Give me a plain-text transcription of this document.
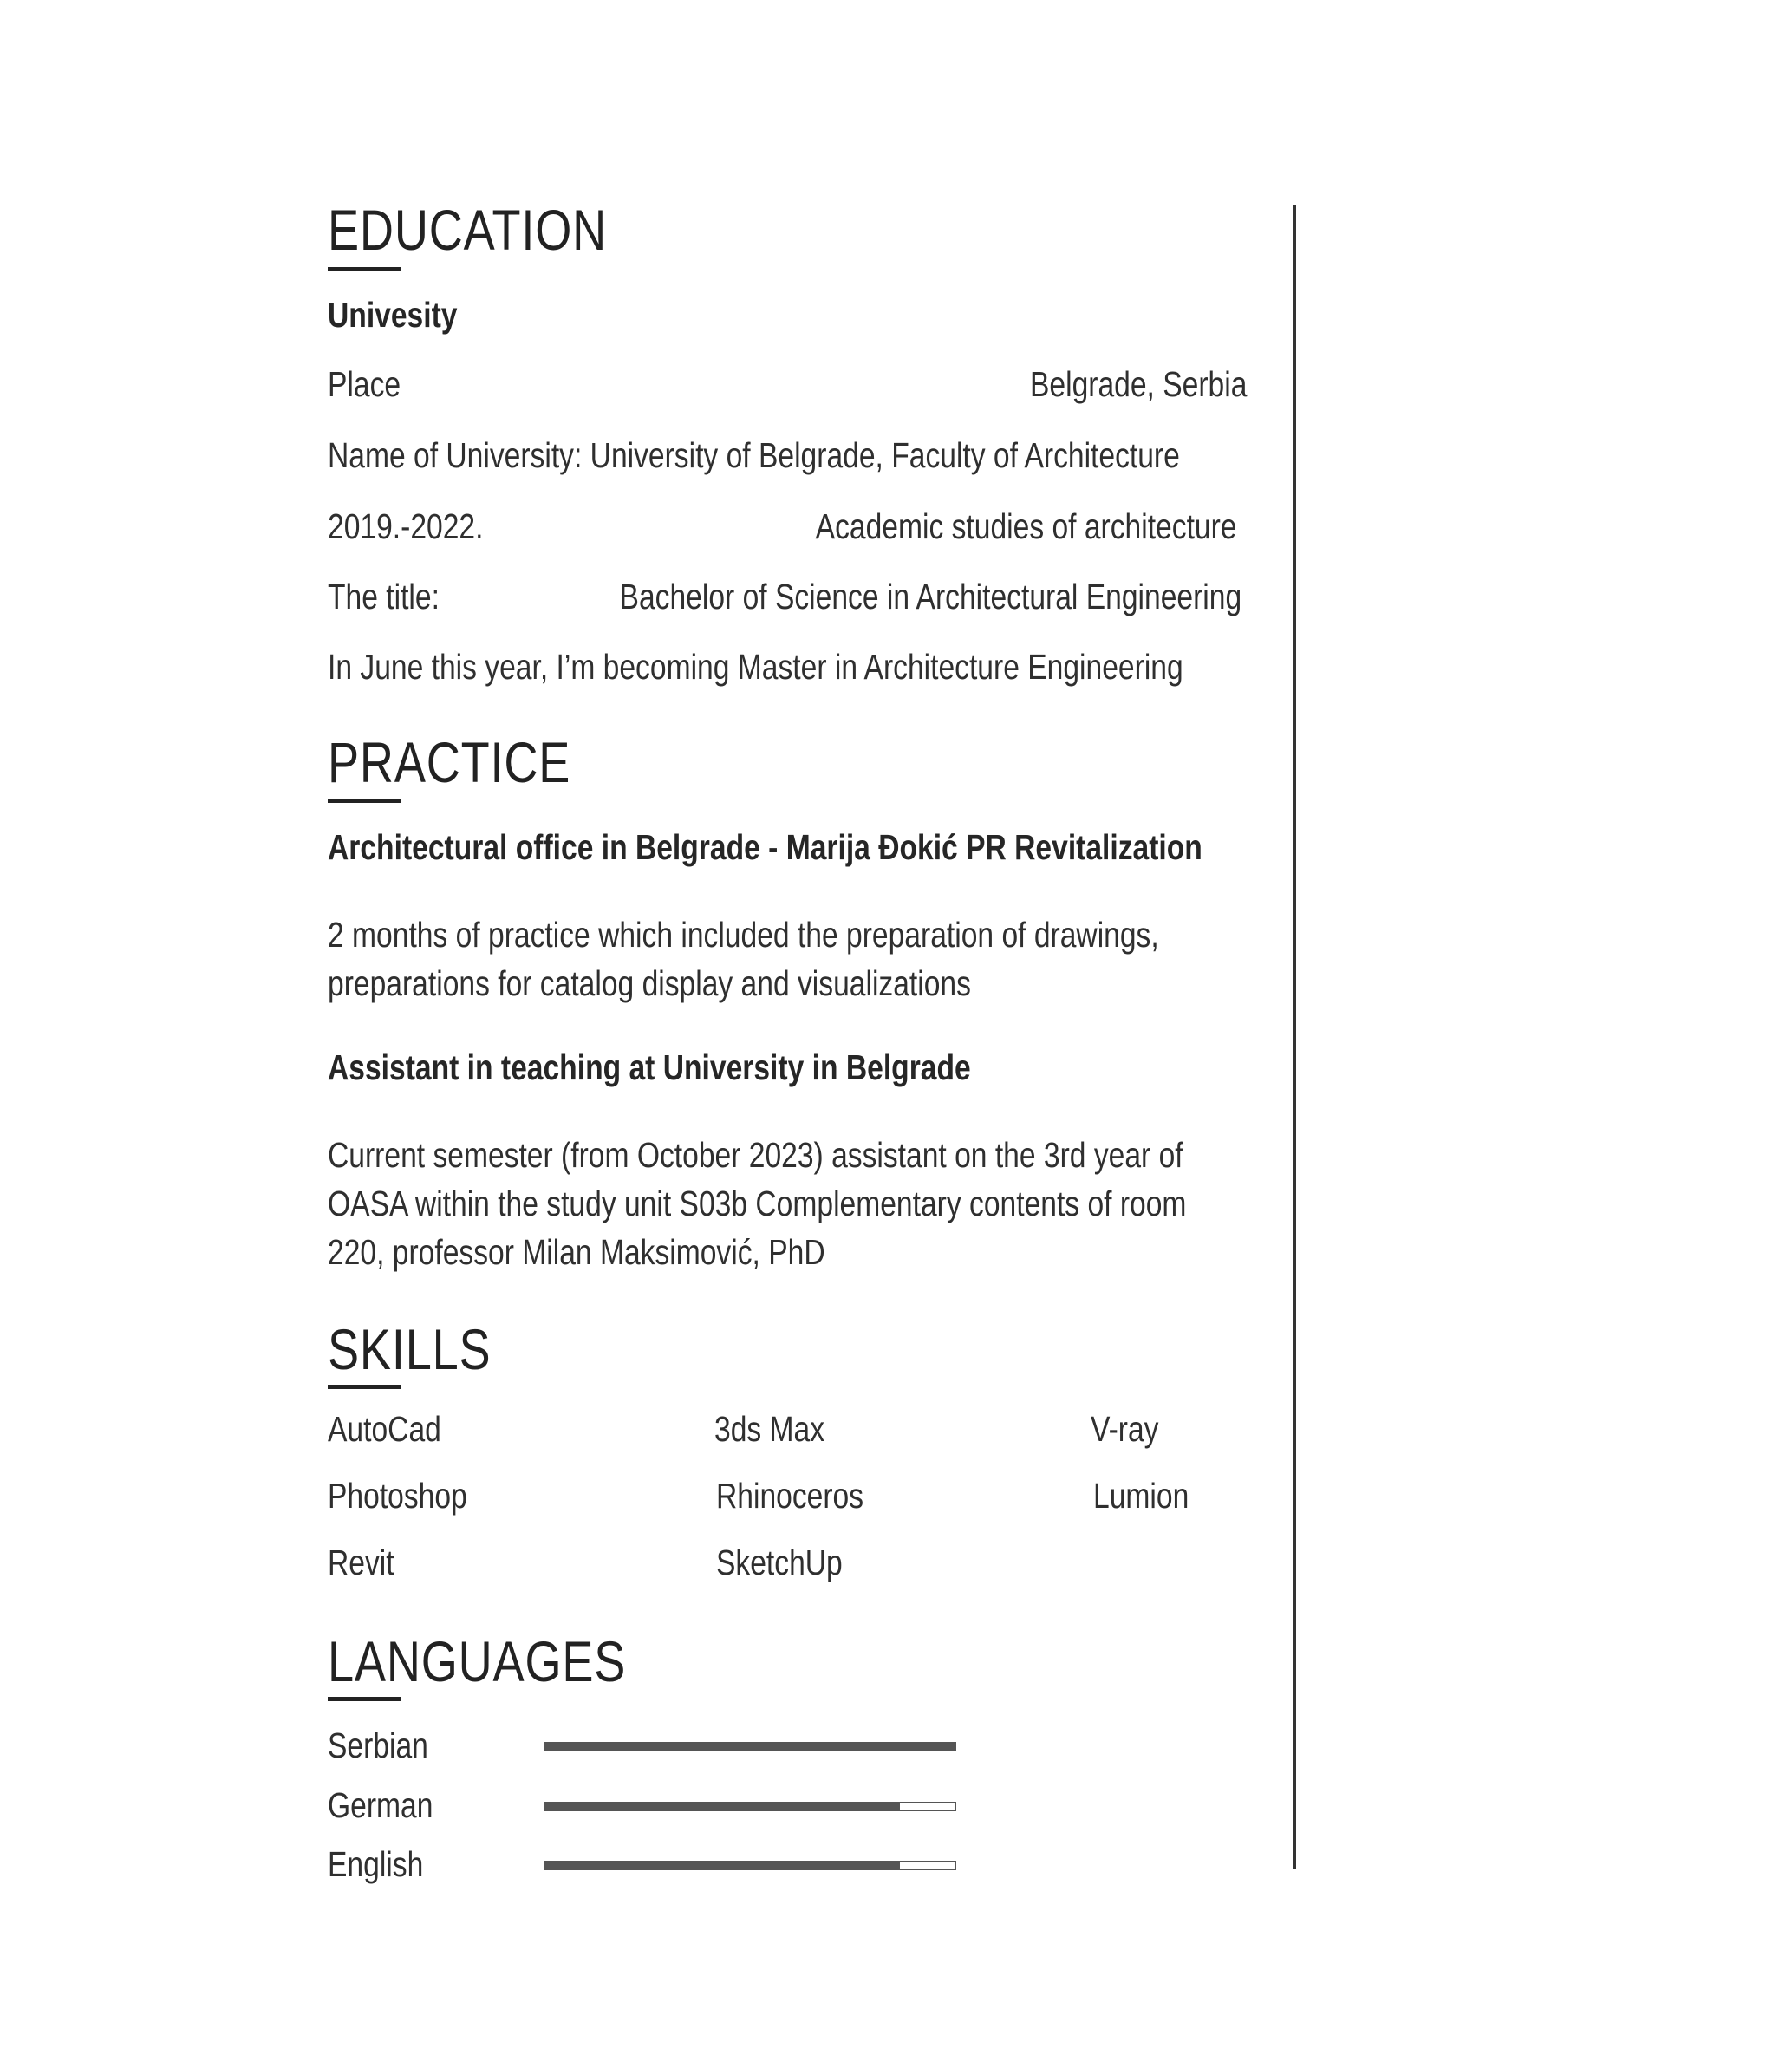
EDUCATION
Univesity
Place	Belgrade, Serbia
Name of University: University of Belgrade, Faculty of Architecture
2019.-2022.	Academic studies of architecture
The title:	Bachelor of Science in Architectural Engineering
In June this year, I’m becoming Master in Architecture Engineering
PRACTICE
Architectural office in Belgrade - Marija Đokić PR Revitalization

2 months of practice which included the preparation of drawings, preparations for catalog display and visualizations

Assistant in teaching at University in Belgrade

Current semester (from October 2023) assistant on the 3rd year of OASA within the study unit S03b Complementary contents of room 220, professor Milan Maksimović, PhD

SKILLS
AutoCad	3ds Max	V-ray
Photoshop	Rhinoceros	Lumion
Revit	SketchUp
LANGUAGES
Serbian
German
English
